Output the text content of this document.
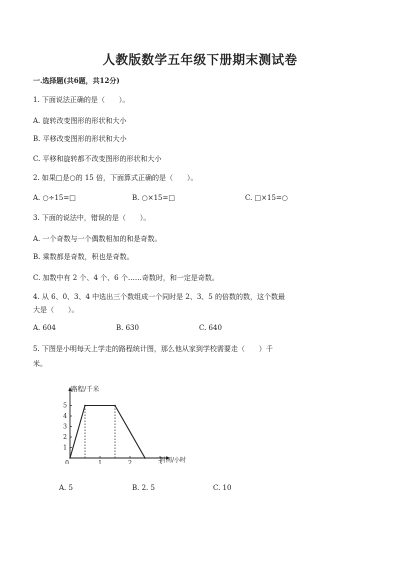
人教版数学五年级下册期末测试卷
一.选择题(共6题，共12分)
1. 下面说法正确的是（　　）。
A. 旋转改变图形的形状和大小
B. 平移改变图形的形状和大小
C. 平移和旋转都不改变图形的形状和大小
2. 如果□是○的 15 倍，下面算式正确的是（　　）。
A. ○÷15=□	B. ○×15=□	C. □×15=○
3. 下面的说法中，错误的是（　　）。
A. 一个奇数与一个偶数相加的和是奇数。
B. 乘数都是奇数，积也是奇数。
C. 加数中有 2 个、4 个、6 个……奇数时，和一定是奇数。
4. 从 6、0、3、4 中选出三个数组成一个同时是 2、3、5 的倍数的数，这个数最
大是（　　）。
A. 604	B. 630	C. 640
5. 下图是小明每天上学走的路程统计图，那么他从家到学校需要走（　　）千
米。
路程/千米
时间/小时
1
2
3
4
5
0	1	2	3
A. 5	B. 2. 5	C. 10
